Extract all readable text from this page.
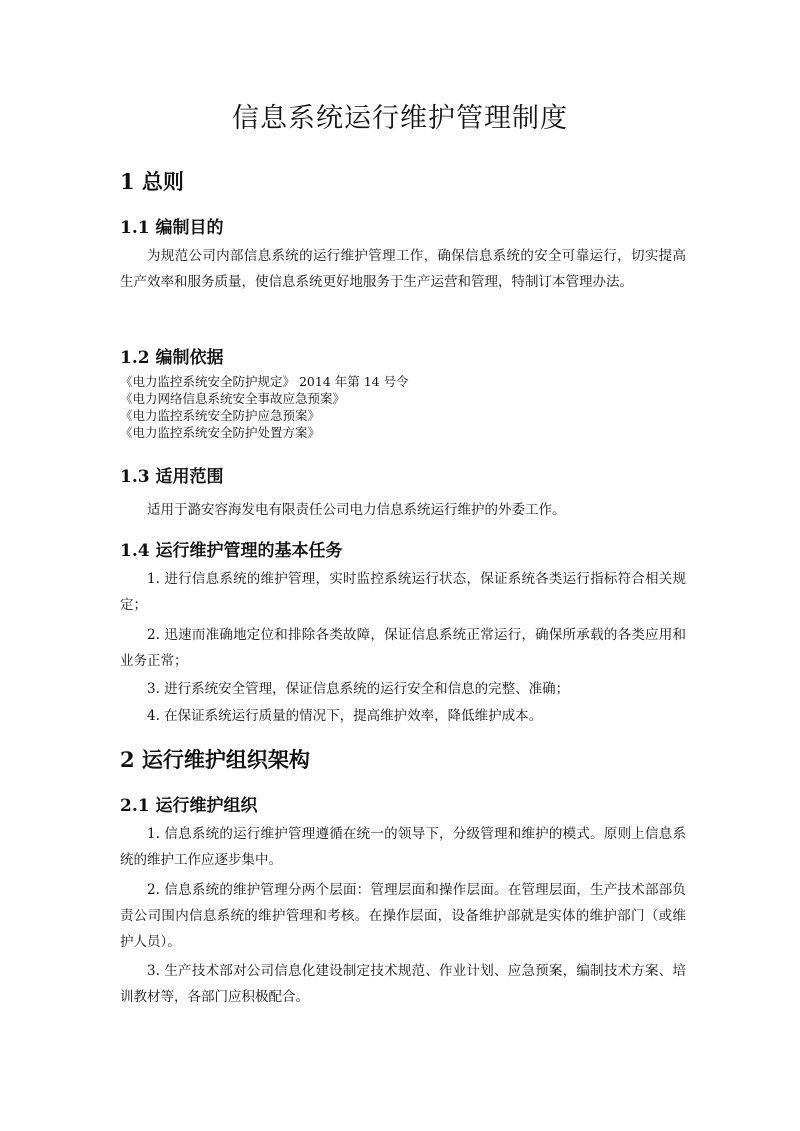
信息系统运行维护管理制度
1 总则
1.1 编制目的

为规范公司内部信息系统的运行维护管理工作，确保信息系统的安全可靠运行，切实提高生产效率和服务质量，使信息系统更好地服务于生产运营和管理，特制订本管理办法。

1.2 编制依据
《电力监控系统安全防护规定》 2014 年第 14 号令
《电力网络信息系统安全事故应急预案》
《电力监控系统安全防护应急预案》
《电力监控系统安全防护处置方案》
1.3 适用范围

适用于潞安容海发电有限责任公司电力信息系统运行维护的外委工作。

1.4 运行维护管理的基本任务

1. 进行信息系统的维护管理，实时监控系统运行状态，保证系统各类运行指标符合相关规定；

2. 迅速而准确地定位和排除各类故障，保证信息系统正常运行，确保所承载的各类应用和业务正常；

3. 进行系统安全管理，保证信息系统的运行安全和信息的完整、准确；

4. 在保证系统运行质量的情况下，提高维护效率，降低维护成本。

2 运行维护组织架构
2.1 运行维护组织

1. 信息系统的运行维护管理遵循在统一的领导下，分级管理和维护的模式。原则上信息系统的维护工作应逐步集中。

2. 信息系统的维护管理分两个层面：管理层面和操作层面。在管理层面，生产技术部部负责公司围内信息系统的维护管理和考核。在操作层面，设备维护部就是实体的维护部门（或维护人员）。

3. 生产技术部对公司信息化建设制定技术规范、作业计划、应急预案，编制技术方案、培训教材等，各部门应积极配合。
